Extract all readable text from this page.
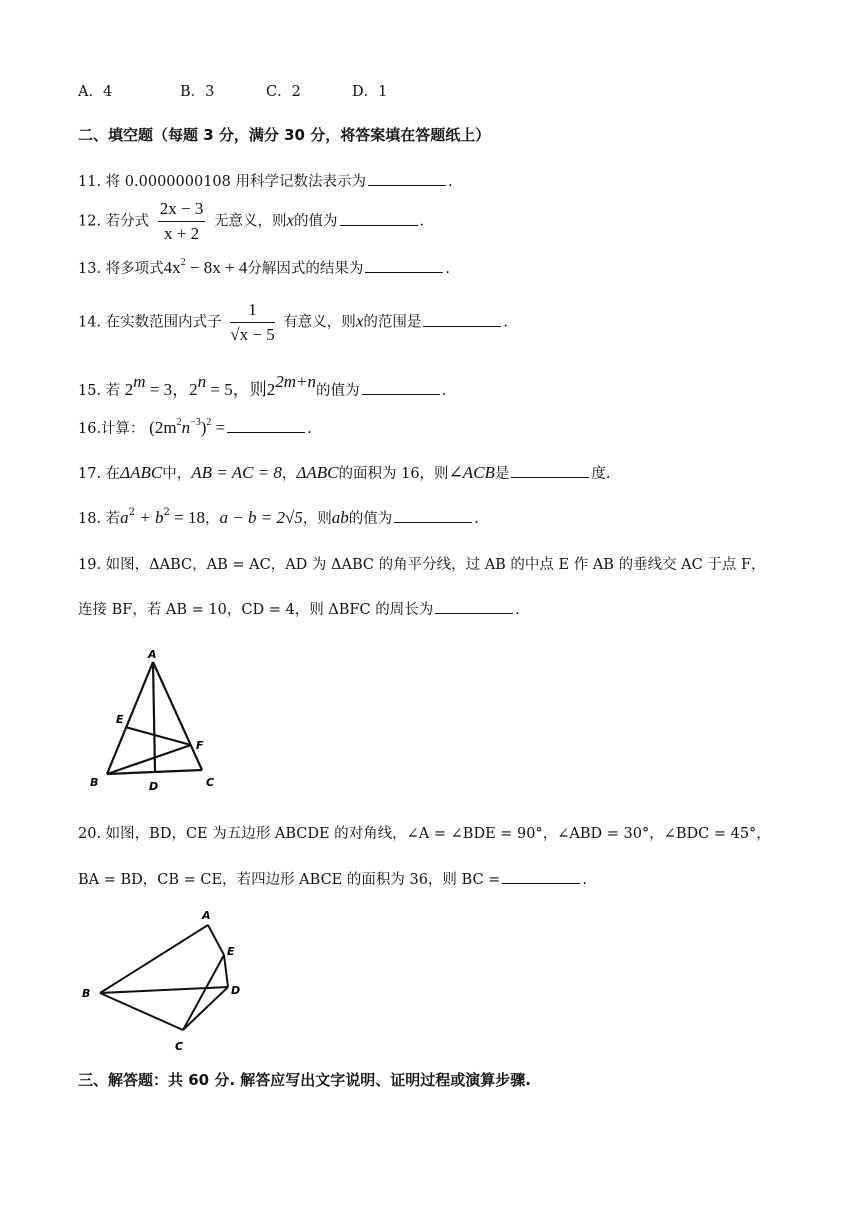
A．4	B．3	C．2	D．1
二、填空题（每题 3 分，满分 30 分，将答案填在答题纸上）
11. 将 0.0000000108 用科学记数法表示为	.
12. 若分式 $\frac{2x - 3}{x + 2}$ 无意义，则x的值为	.
13. 将多项式$4x^2 - 8x + 4$分解因式的结果为	.
14. 在实数范围内式子 $\frac{1}{√x - 5}$ 有意义，则x的范围是	.
15. 若 $2^m = 3$，$2^n = 5$，则$2^{2m+n}$的值为	.
16.计算： $(2m^2n^{-3})^2$ =	.
17. 在ΔABC中，AB = AC = 8，ΔABC的面积为 16，则∠ACB是	度.
18. 若$a^2 + b^2 = 18$，a − b = 2√5，则ab的值为	.
19. 如图，ΔABC，AB = AC，AD 为 ΔABC 的角平分线，过 AB 的中点 E 作 AB 的垂线交 AC 于点 F，
连接 BF，若 AB = 10，CD = 4，则 ΔBFC 的周长为	.
A
E
F
B	D	C
20. 如图，BD，CE 为五边形 ABCDE 的对角线，∠A = ∠BDE = 90°，∠ABD = 30°，∠BDC = 45°，
BA = BD，CB = CE，若四边形 ABCE 的面积为 36，则 BC =	.
A
E
B	D
C
三、解答题：共 60 分. 解答应写出文字说明、证明过程或演算步骤.
